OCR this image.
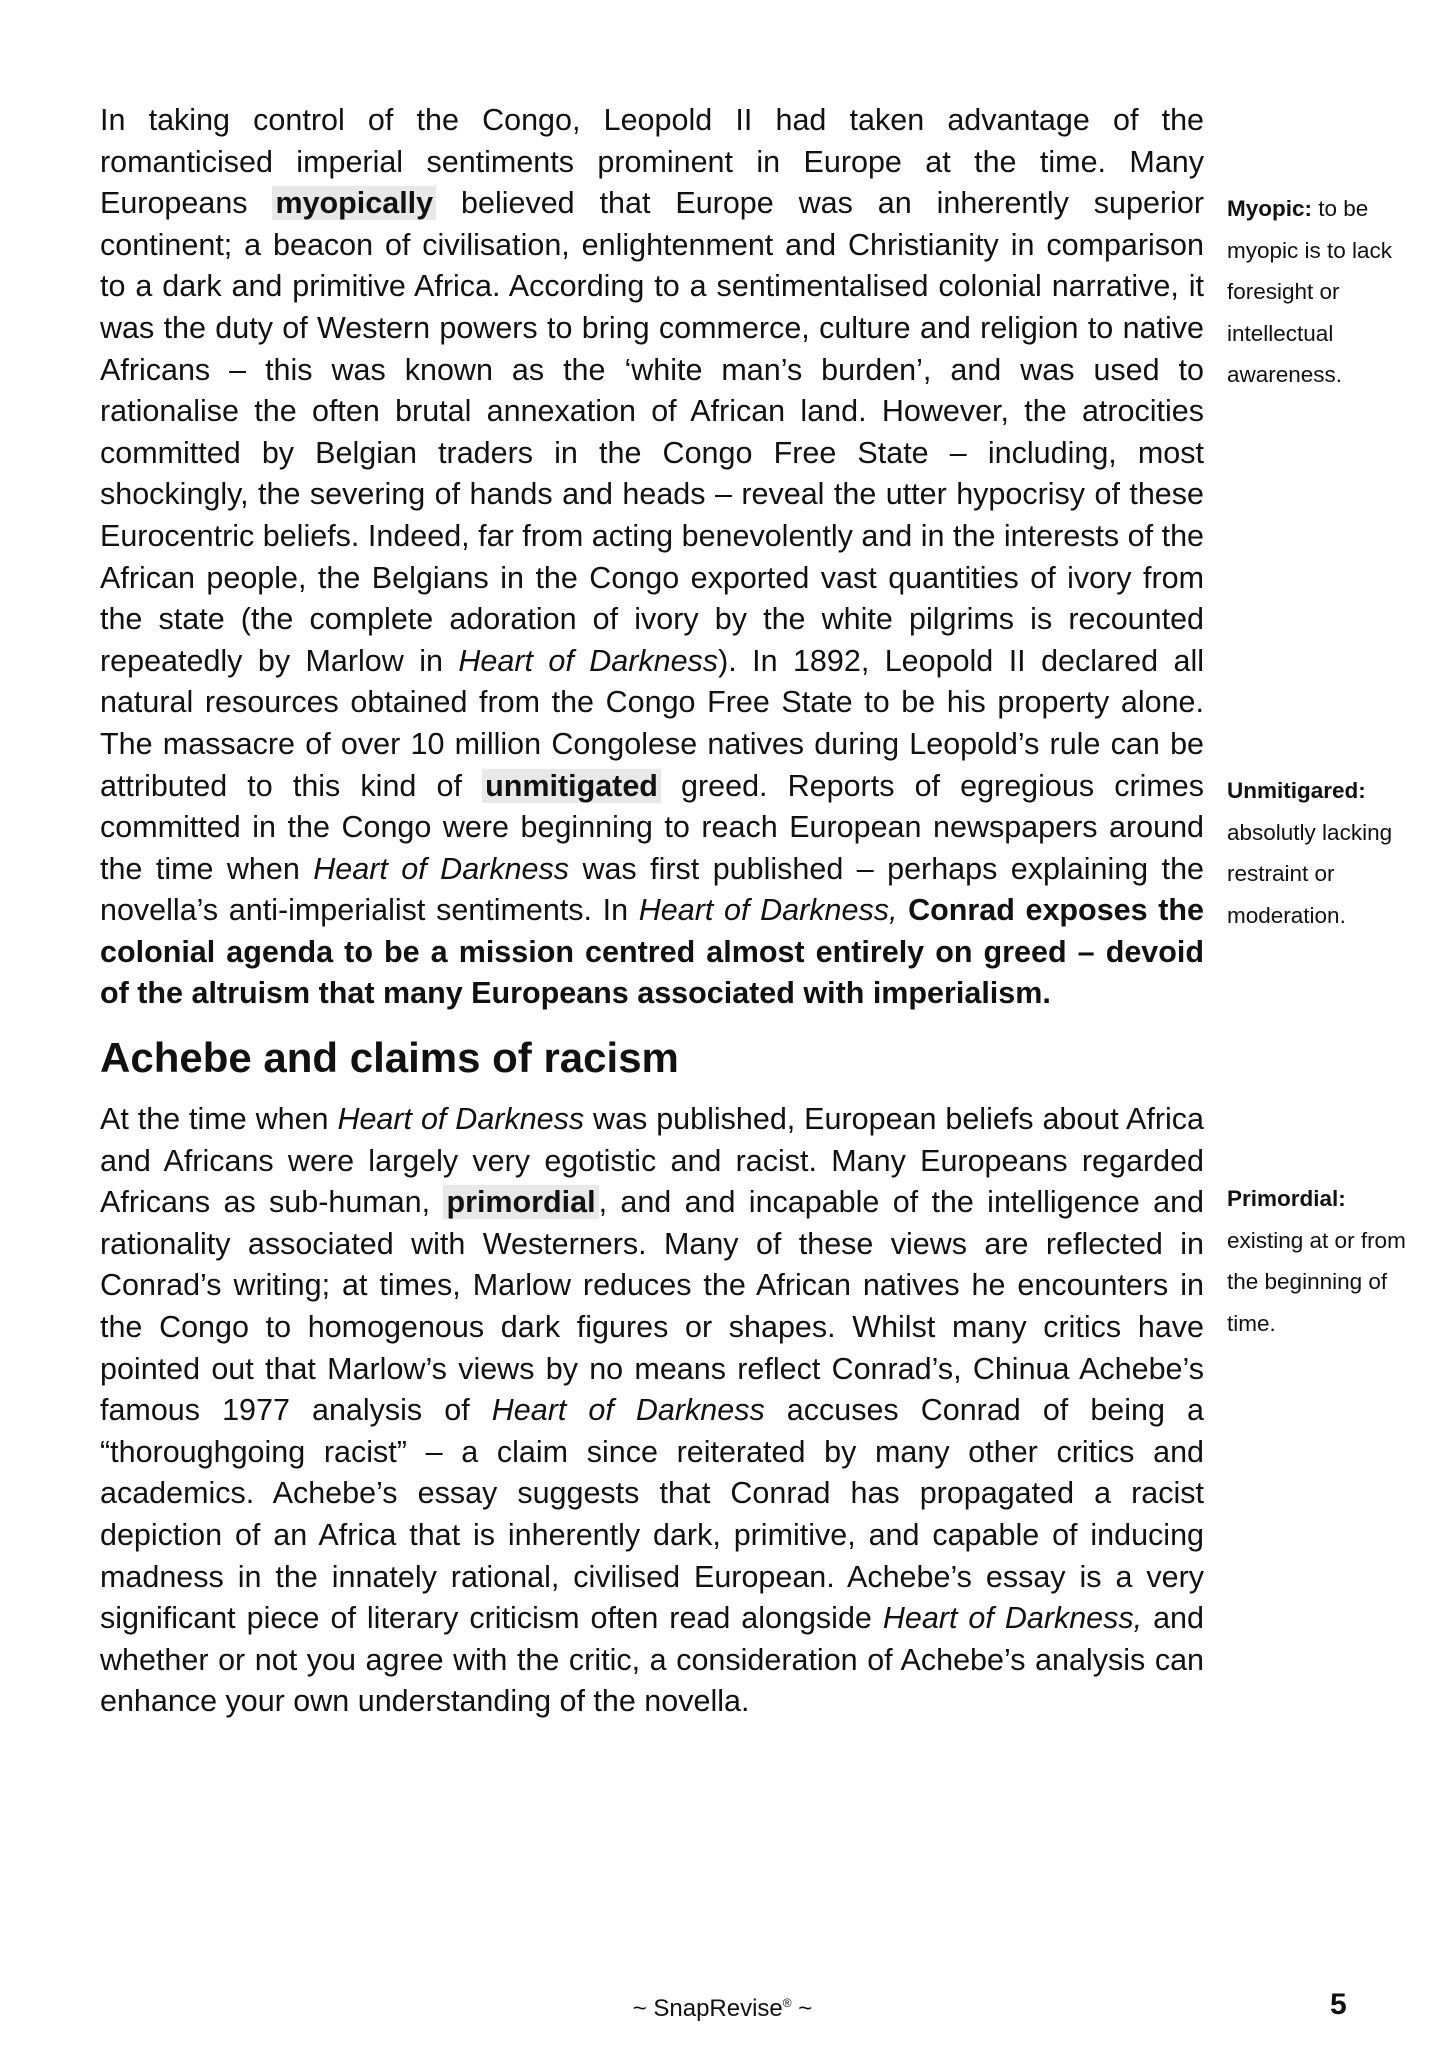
In taking control of the Congo, Leopold II had taken advantage of the romanticised imperial sentiments prominent in Europe at the time. Many Europeans myopically believed that Europe was an inherently superior continent; a beacon of civilisation, enlightenment and Christianity in comparison to a dark and primitive Africa. According to a sentimentalised colonial narrative, it was the duty of Western powers to bring commerce, culture and religion to native Africans – this was known as the ‘white man’s burden’, and was used to rationalise the often brutal annexation of African land. However, the atrocities committed by Belgian traders in the Congo Free State – including, most shockingly, the severing of hands and heads – reveal the utter hypocrisy of these Eurocentric beliefs. Indeed, far from acting benevolently and in the interests of the African people, the Belgians in the Congo exported vast quantities of ivory from the state (the complete adoration of ivory by the white pilgrims is recounted repeatedly by Marlow in Heart of Darkness). In 1892, Leopold II declared all natural resources obtained from the Congo Free State to be his property alone. The massacre of over 10 million Congolese natives during Leopold’s rule can be attributed to this kind of unmitigated greed. Reports of egregious crimes committed in the Congo were beginning to reach European newspapers around the time when Heart of Darkness was first published – perhaps explaining the novella’s anti-imperialist sentiments. In Heart of Darkness, Conrad exposes the colonial agenda to be a mission centred almost entirely on greed – devoid of the altruism that many Europeans associated with imperialism.

Achebe and claims of racism

At the time when Heart of Darkness was published, European beliefs about Africa and Africans were largely very egotistic and racist. Many Europeans regarded Africans as sub-human, primordial, and and incapable of the intelligence and rationality associated with Westerners. Many of these views are reflected in Conrad’s writing; at times, Marlow reduces the African natives he encounters in the Congo to homogenous dark figures or shapes. Whilst many critics have pointed out that Marlow’s views by no means reflect Conrad’s, Chinua Achebe’s famous 1977 analysis of Heart of Darkness accuses Conrad of being a “thoroughgoing racist” – a claim since reiterated by many other critics and academics. Achebe’s essay suggests that Conrad has propagated a racist depiction of an Africa that is inherently dark, primitive, and capable of inducing madness in the innately rational, civilised European. Achebe’s essay is a very significant piece of literary criticism often read alongside Heart of Darkness, and whether or not you agree with the critic, a consideration of Achebe’s analysis can enhance your own understanding of the novella.

Myopic: to be myopic is to lack foresight or intellectual awareness.
Unmitigared: absolutly lacking restraint or moderation.
Primordial: existing at or from the beginning of time.
~ SnapRevise® ~	5
